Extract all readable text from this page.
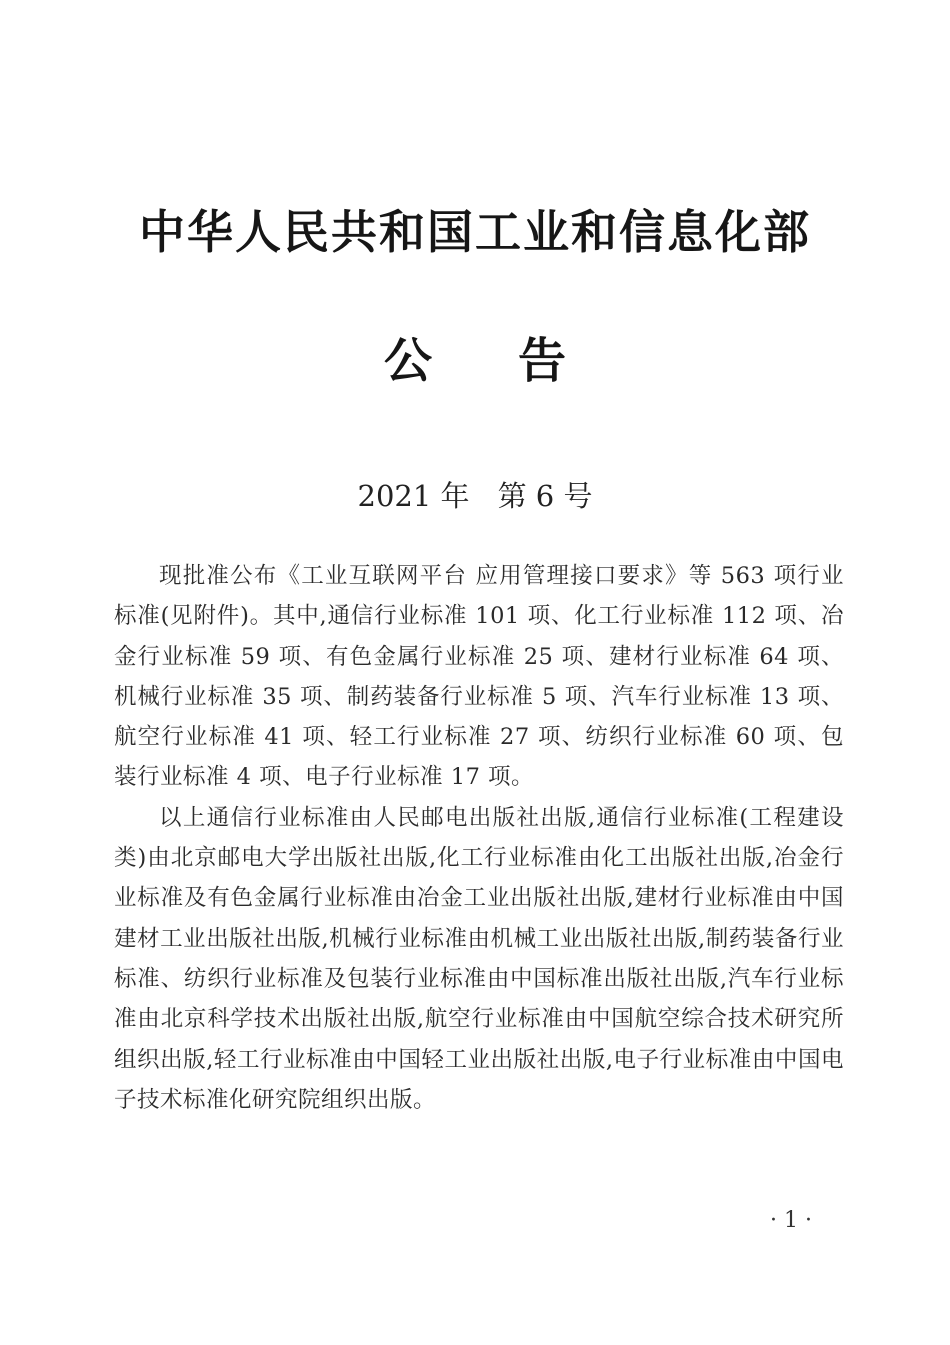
中华人民共和国工业和信息化部
公 告
2021 年 第 6 号

现批准公布《工业互联网平台 应用管理接口要求》等 563 项行业标准(见附件)。其中,通信行业标准 101 项、化工行业标准 112 项、冶金行业标准 59 项、有色金属行业标准 25 项、建材行业标准 64 项、机械行业标准 35 项、制药装备行业标准 5 项、汽车行业标准 13 项、航空行业标准 41 项、轻工行业标准 27 项、纺织行业标准 60 项、包装行业标准 4 项、电子行业标准 17 项。

以上通信行业标准由人民邮电出版社出版,通信行业标准(工程建设类)由北京邮电大学出版社出版,化工行业标准由化工出版社出版,冶金行业标准及有色金属行业标准由冶金工业出版社出版,建材行业标准由中国建材工业出版社出版,机械行业标准由机械工业出版社出版,制药装备行业标准、纺织行业标准及包装行业标准由中国标准出版社出版,汽车行业标准由北京科学技术出版社出版,航空行业标准由中国航空综合技术研究所组织出版,轻工行业标准由中国轻工业出版社出版,电子行业标准由中国电子技术标准化研究院组织出版。

· 1 ·
